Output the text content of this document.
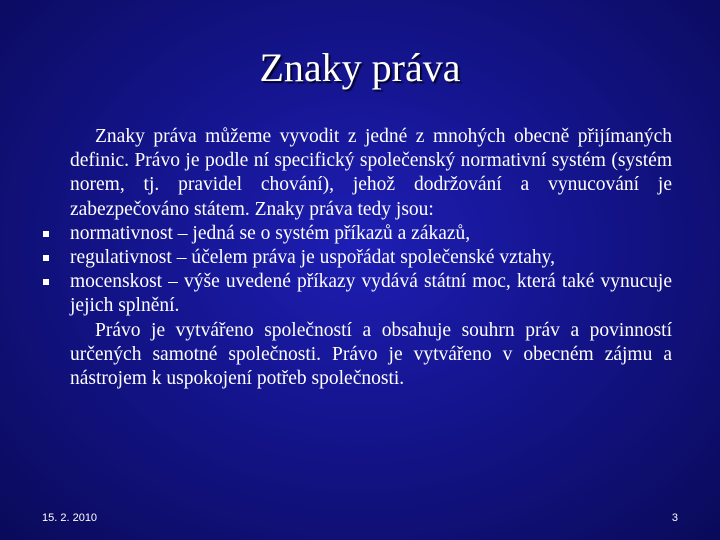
Znaky práva
Znaky práva můžeme vyvodit z jedné z mnohých obecně přijímaných definic. Právo je podle ní specifický společenský normativní systém (systém norem, tj. pravidel chování), jehož dodržování a vynucování je zabezpečováno státem. Znaky práva tedy jsou:
normativnost – jedná se o systém příkazů a zákazů,
regulativnost – účelem práva je uspořádat společenské vztahy,
mocenskost – výše uvedené příkazy vydává státní moc, která také vynucuje jejich splnění.
Právo je vytvářeno společností a obsahuje souhrn práv a povinností určených samotné společnosti. Právo je vytvářeno v obecném zájmu a nástrojem k uspokojení potřeb společnosti.
15. 2. 2010	3
